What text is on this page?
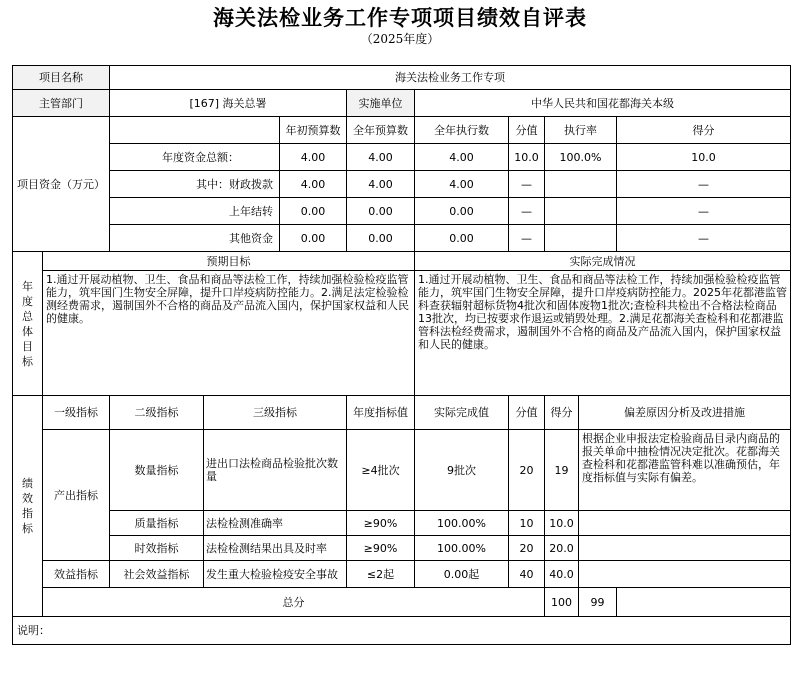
海关法检业务工作专项项目绩效自评表
（2025年度）
项目名称		海关法检业务工作专项								
主管部门		[167] 海关总署			实施单位	中华人民共和国花都海关本级				
项目资金（万元）				年初预算数	全年预算数	全年执行数	分值	执行率		得分
		年度资金总额：		4.00	4.00	4.00	10.0	100.0%		10.0
		其中：财政拨款		4.00	4.00	4.00	—			—
		上年结转		0.00	0.00	0.00	—			—
		其他资金		0.00	0.00	0.00	—			—
年度总体目标	预期目标					实际完成情况				
	1.通过开展动植物、卫生、食品和商品等法检工作，持续加强检验检疫监管能力，筑牢国门生物安全屏障，提升口岸疫病防控能力。2.满足法定检验检测经费需求，遏制国外不合格的商品及产品流入国内，保护国家权益和人民的健康。					1.通过开展动植物、卫生、食品和商品等法检工作，持续加强检验检疫监管能力，筑牢国门生物安全屏障，提升口岸疫病防控能力。2025年花都港监管科查获辐射超标货物4批次和固体废物1批次;查检科共检出不合格法检商品13批次，均已按要求作退运或销毁处理。2.满足花都海关查检科和花都港监管科法检经费需求，遏制国外不合格的商品及产品流入国内，保护国家权益和人民的健康。				
绩效指标	一级指标	二级指标	三级指标		年度指标值	实际完成值	分值	得分	偏差原因分析及改进措施	
	产出指标	数量指标	进出口法检商品检验批次数量		≥4批次	9批次	20	19	根据企业申报法定检验商品目录内商品的报关单命中抽检情况决定批次。花都海关查检科和花都港监管科难以准确预估，年度指标值与实际有偏差。	
		质量指标	法检检测准确率		≥90%	100.00%	10	10.0		
		时效指标	法检检测结果出具及时率		≥90%	100.00%	20	20.0		
	效益指标	社会效益指标	发生重大检验检疫安全事故		≤2起	0.00起	40	40.0		
	总分							100	99	
说明：										
